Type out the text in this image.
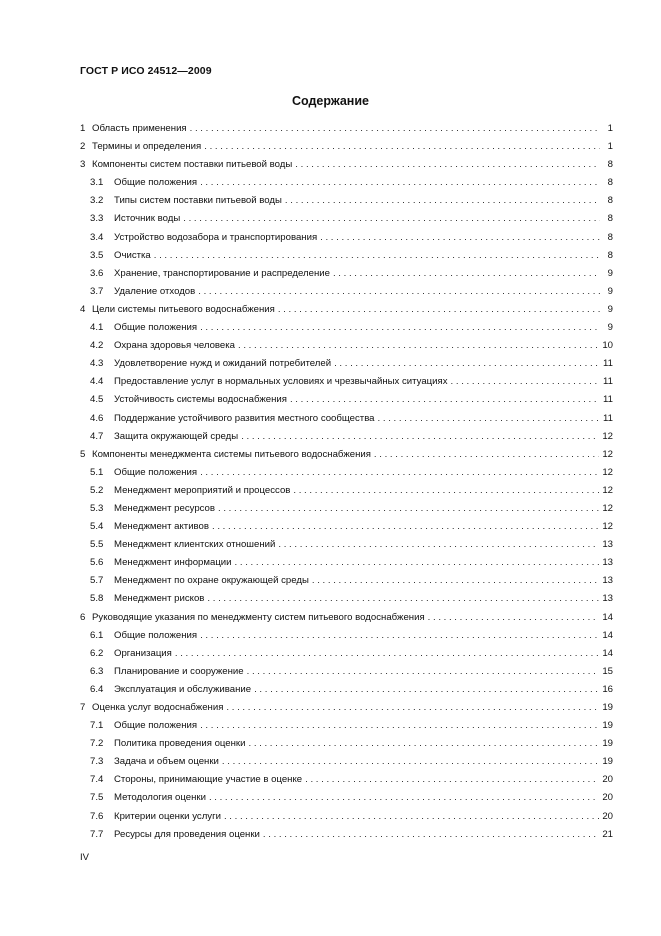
ГОСТ Р ИСО 24512—2009
Содержание
1 Область применения . . .	1
2 Термины и определения . . .	1
3 Компоненты систем поставки питьевой воды . . .	8
3.1	Общие положения . . .	8
3.2	Типы систем поставки питьевой воды . . .	8
3.3	Источник воды . . .	8
3.4	Устройство водозабора и транспортирования . . .	8
3.5	Очистка . . .	8
3.6	Хранение, транспортирование и распределение . . .	9
3.7	Удаление отходов . . .	9
4 Цели системы питьевого водоснабжения . . .	9
4.1	Общие положения . . .	9
4.2	Охрана здоровья человека . . .	10
4.3	Удовлетворение нужд и ожиданий потребителей . . .	11
4.4	Предоставление услуг в нормальных условиях и чрезвычайных ситуациях . . .	11
4.5	Устойчивость системы водоснабжения . . .	11
4.6	Поддержание устойчивого развития местного сообщества . . .	11
4.7	Защита окружающей среды . . .	12
5 Компоненты менеджмента системы питьевого водоснабжения . . .	12
5.1	Общие положения . . .	12
5.2	Менеджмент мероприятий и процессов . . .	12
5.3	Менеджмент ресурсов . . .	12
5.4	Менеджмент активов . . .	12
5.5	Менеджмент клиентских отношений . . .	13
5.6	Менеджмент информации . . .	13
5.7	Менеджмент по охране окружающей среды . . .	13
5.8	Менеджмент рисков . . .	13
6 Руководящие указания по менеджменту систем питьевого водоснабжения . . .	14
6.1	Общие положения . . .	14
6.2	Организация . . .	14
6.3	Планирование и сооружение . . .	15
6.4	Эксплуатация и обслуживание . . .	16
7 Оценка услуг водоснабжения . . .	19
7.1	Общие положения . . .	19
7.2	Политика проведения оценки . . .	19
7.3	Задача и объем оценки . . .	19
7.4	Стороны, принимающие участие в оценке . . .	20
7.5	Методология оценки . . .	20
7.6	Критерии оценки услуги . . .	20
7.7	Ресурсы для проведения оценки . . .	21
IV
